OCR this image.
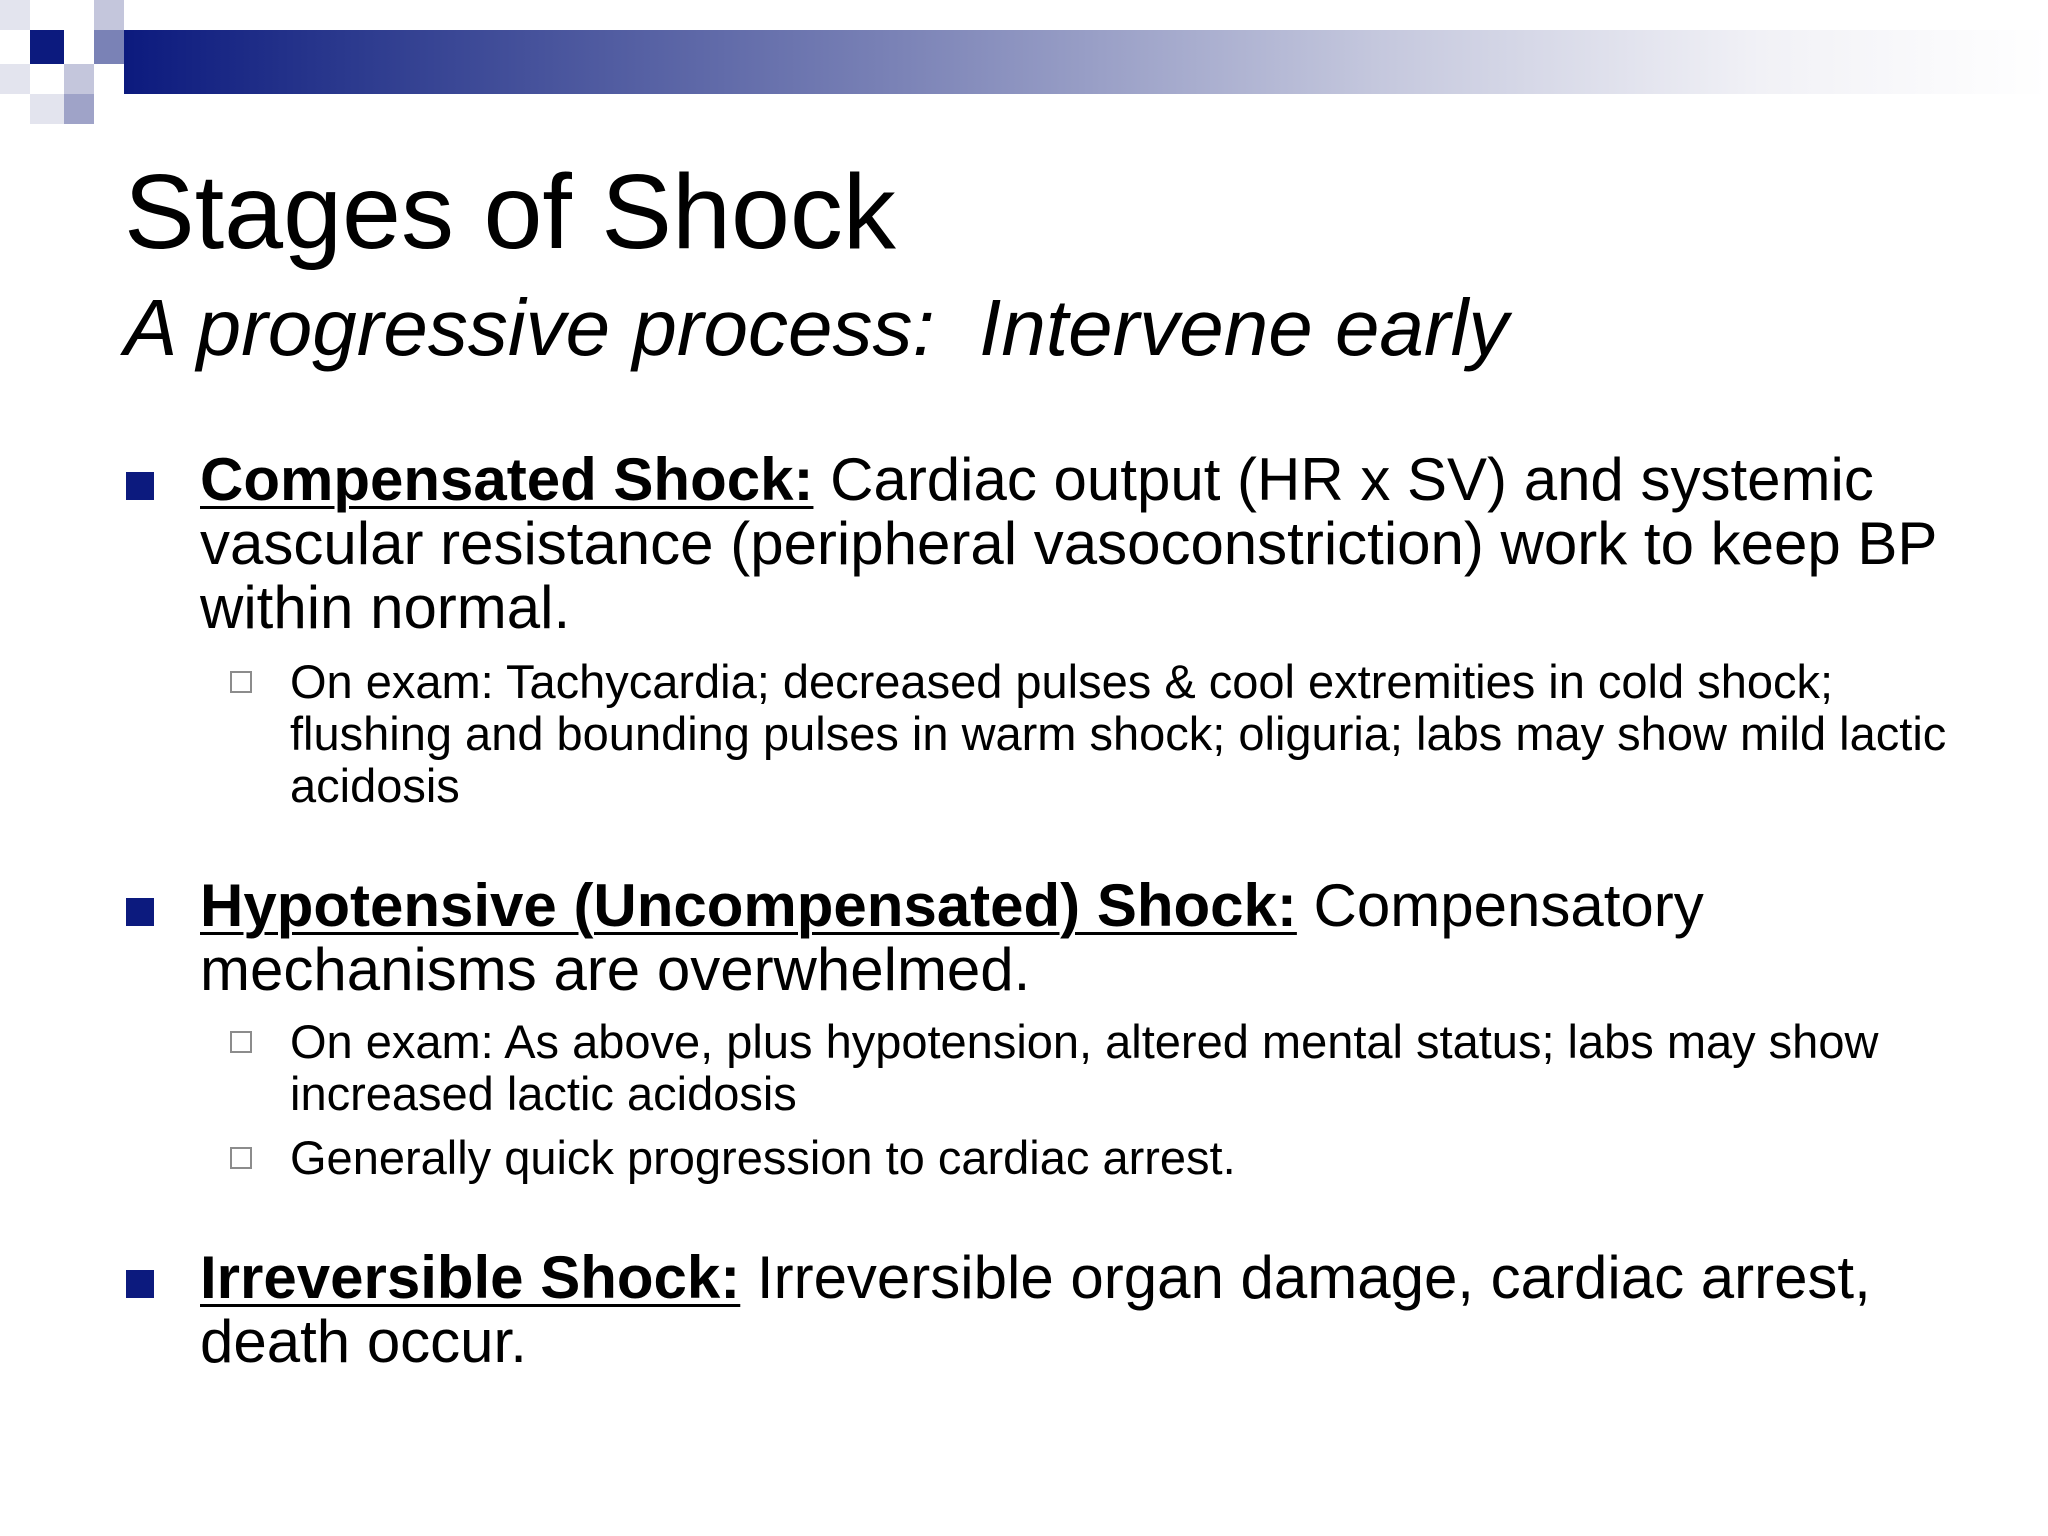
Stages of Shock
A progressive process:  Intervene early
Compensated Shock: Cardiac output (HR x SV) and systemic vascular resistance (peripheral vasoconstriction) work to keep BP within normal.
On exam: Tachycardia; decreased pulses & cool extremities in cold shock; flushing and bounding pulses in warm shock; oliguria; labs may show mild lactic acidosis
Hypotensive (Uncompensated) Shock: Compensatory mechanisms are overwhelmed.
On exam: As above, plus hypotension, altered mental status; labs may show increased lactic acidosis
Generally quick progression to cardiac arrest.
Irreversible Shock: Irreversible organ damage, cardiac arrest, death occur.
